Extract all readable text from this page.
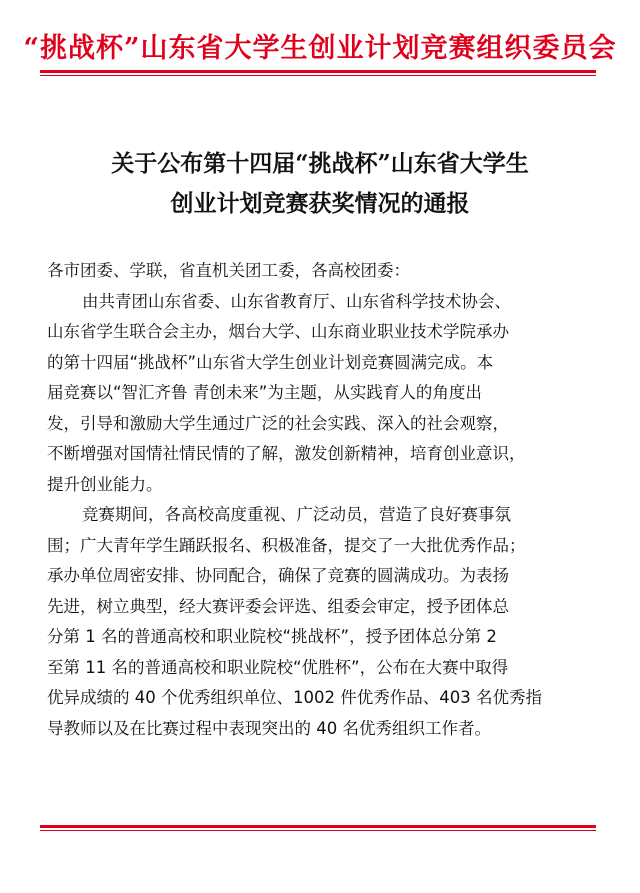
“挑战杯”山东省大学生创业计划竞赛组织委员会
关于公布第十四届“挑战杯”山东省大学生
创业计划竞赛获奖情况的通报
各市团委、学联，省直机关团工委，各高校团委：
由共青团山东省委、山东省教育厅、山东省科学技术协会、
山东省学生联合会主办，烟台大学、山东商业职业技术学院承办
的第十四届“挑战杯”山东省大学生创业计划竞赛圆满完成。本
届竞赛以“智汇齐鲁 青创未来”为主题，从实践育人的角度出
发，引导和激励大学生通过广泛的社会实践、深入的社会观察，
不断增强对国情社情民情的了解，激发创新精神，培育创业意识，
提升创业能力。
竞赛期间，各高校高度重视、广泛动员，营造了良好赛事氛
围；广大青年学生踊跃报名、积极准备，提交了一大批优秀作品；
承办单位周密安排、协同配合，确保了竞赛的圆满成功。为表扬
先进，树立典型，经大赛评委会评选、组委会审定，授予团体总
分第 1 名的普通高校和职业院校“挑战杯”，授予团体总分第 2
至第 11 名的普通高校和职业院校“优胜杯”，公布在大赛中取得
优异成绩的 40 个优秀组织单位、1002 件优秀作品、403 名优秀指
导教师以及在比赛过程中表现突出的 40 名优秀组织工作者。
